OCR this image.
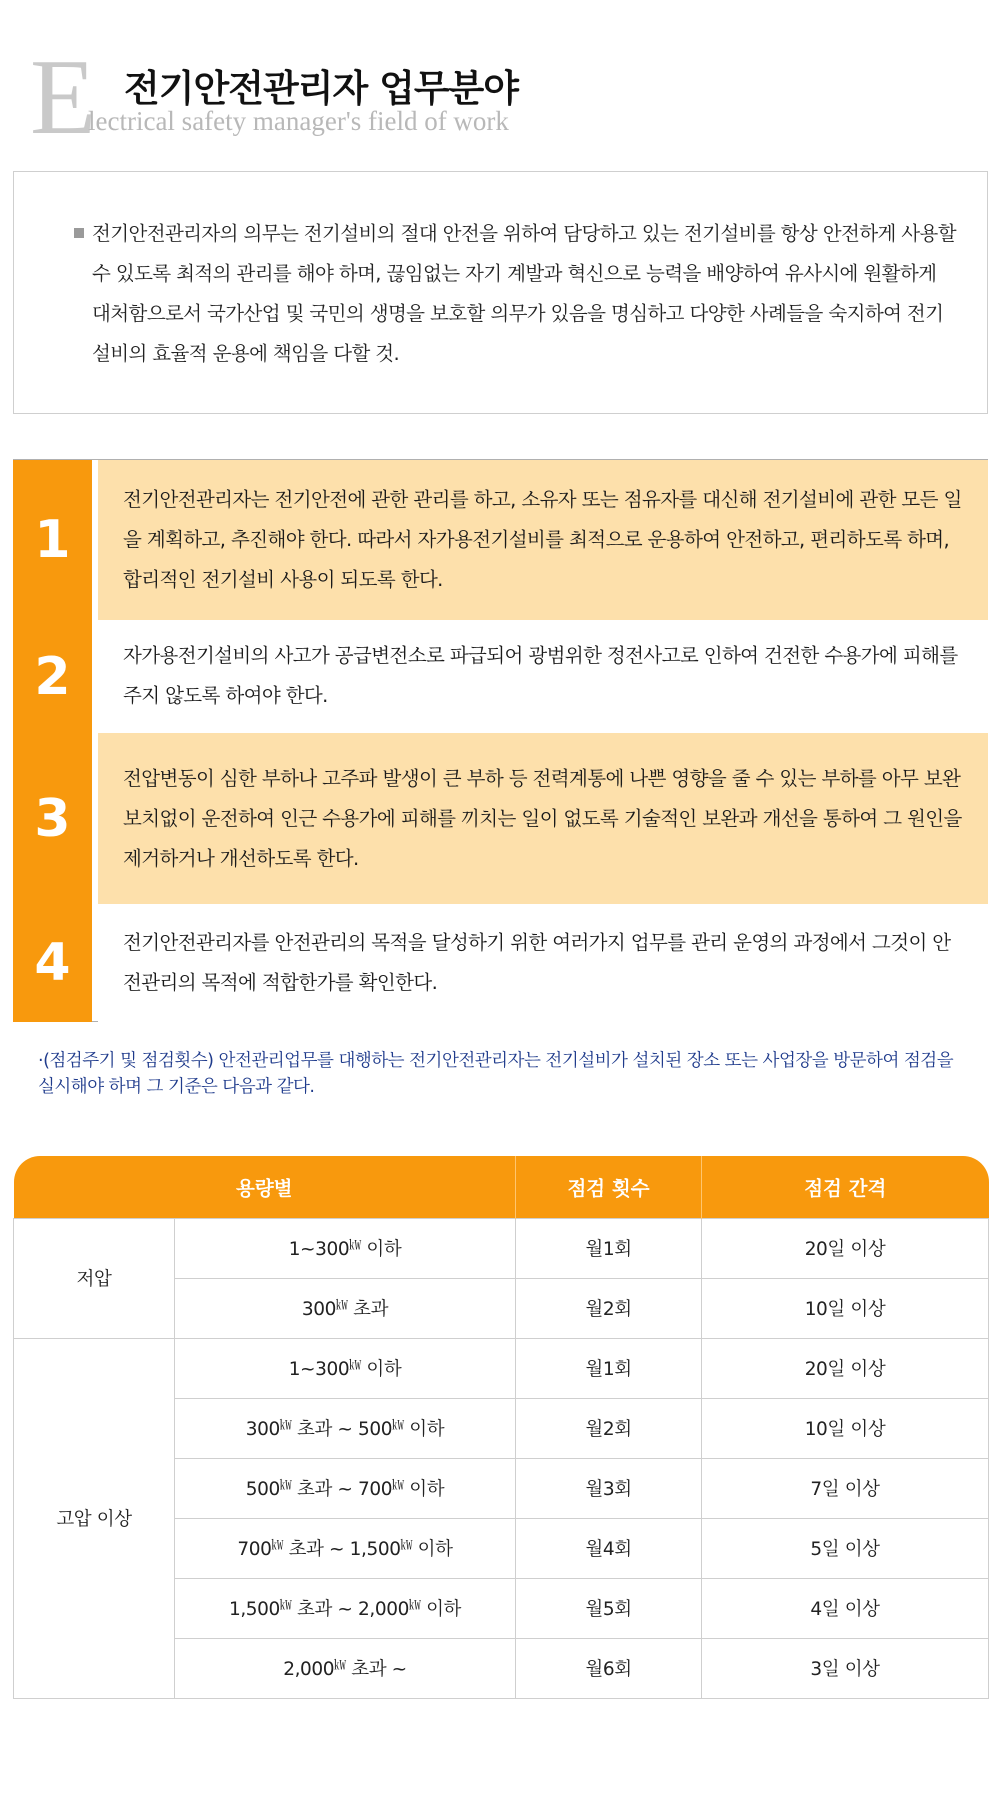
E 전기안전관리자 업무분야
lectrical safety manager's field of work

전기안전관리자의 의무는 전기설비의 절대 안전을 위하여 담당하고 있는 전기설비를 항상 안전하게 사용할 수 있도록 최적의 관리를 해야 하며, 끊임없는 자기 계발과 혁신으로 능력을 배양하여 유사시에 원활하게 대처함으로서 국가산업 및 국민의 생명을 보호할 의무가 있음을 명심하고 다양한 사례들을 숙지하여 전기설비의 효율적 운용에 책임을 다할 것.

1

전기안전관리자는 전기안전에 관한 관리를 하고, 소유자 또는 점유자를 대신해 전기설비에 관한 모든 일을 계획하고, 추진해야 한다. 따라서 자가용전기설비를 최적으로 운용하여 안전하고, 편리하도록 하며, 합리적인 전기설비 사용이 되도록 한다.

2	자가용전기설비의 사고가 공급변전소로 파급되어 광범위한 정전사고로 인하여 건전한 수용가에 피해를 주지 않도록 하여야 한다.

3

전압변동이 심한 부하나 고주파 발생이 큰 부하 등 전력계통에 나쁜 영향을 줄 수 있는 부하를 아무 보완보치없이 운전하여 인근 수용가에 피해를 끼치는 일이 없도록 기술적인 보완과 개선을 통하여 그 원인을 제거하거나 개선하도록 한다.

4	전기안전관리자를 안전관리의 목적을 달성하기 위한 여러가지 업무를 관리 운영의 과정에서 그것이 안전관리의 목적에 적합한가를 확인한다.

·(점검주기 및 점검횟수) 안전관리업무를 대행하는 전기안전관리자는 전기설비가 설치된 장소 또는 사업장을 방문하여 점검을 실시해야 하며 그 기준은 다음과 같다.

용량별		점검 횟수	점검 간격
저압	1~300㎾ 이하	월1회	20일 이상
	300㎾ 초과	월2회	10일 이상
고압 이상	1~300㎾ 이하	월1회	20일 이상
	300㎾ 초과 ~ 500㎾ 이하	월2회	10일 이상
	500㎾ 초과 ~ 700㎾ 이하	월3회	7일 이상
	700㎾ 초과 ~ 1,500㎾ 이하	월4회	5일 이상
	1,500㎾ 초과 ~ 2,000㎾ 이하	월5회	4일 이상
	2,000㎾ 초과 ~	월6회	3일 이상
